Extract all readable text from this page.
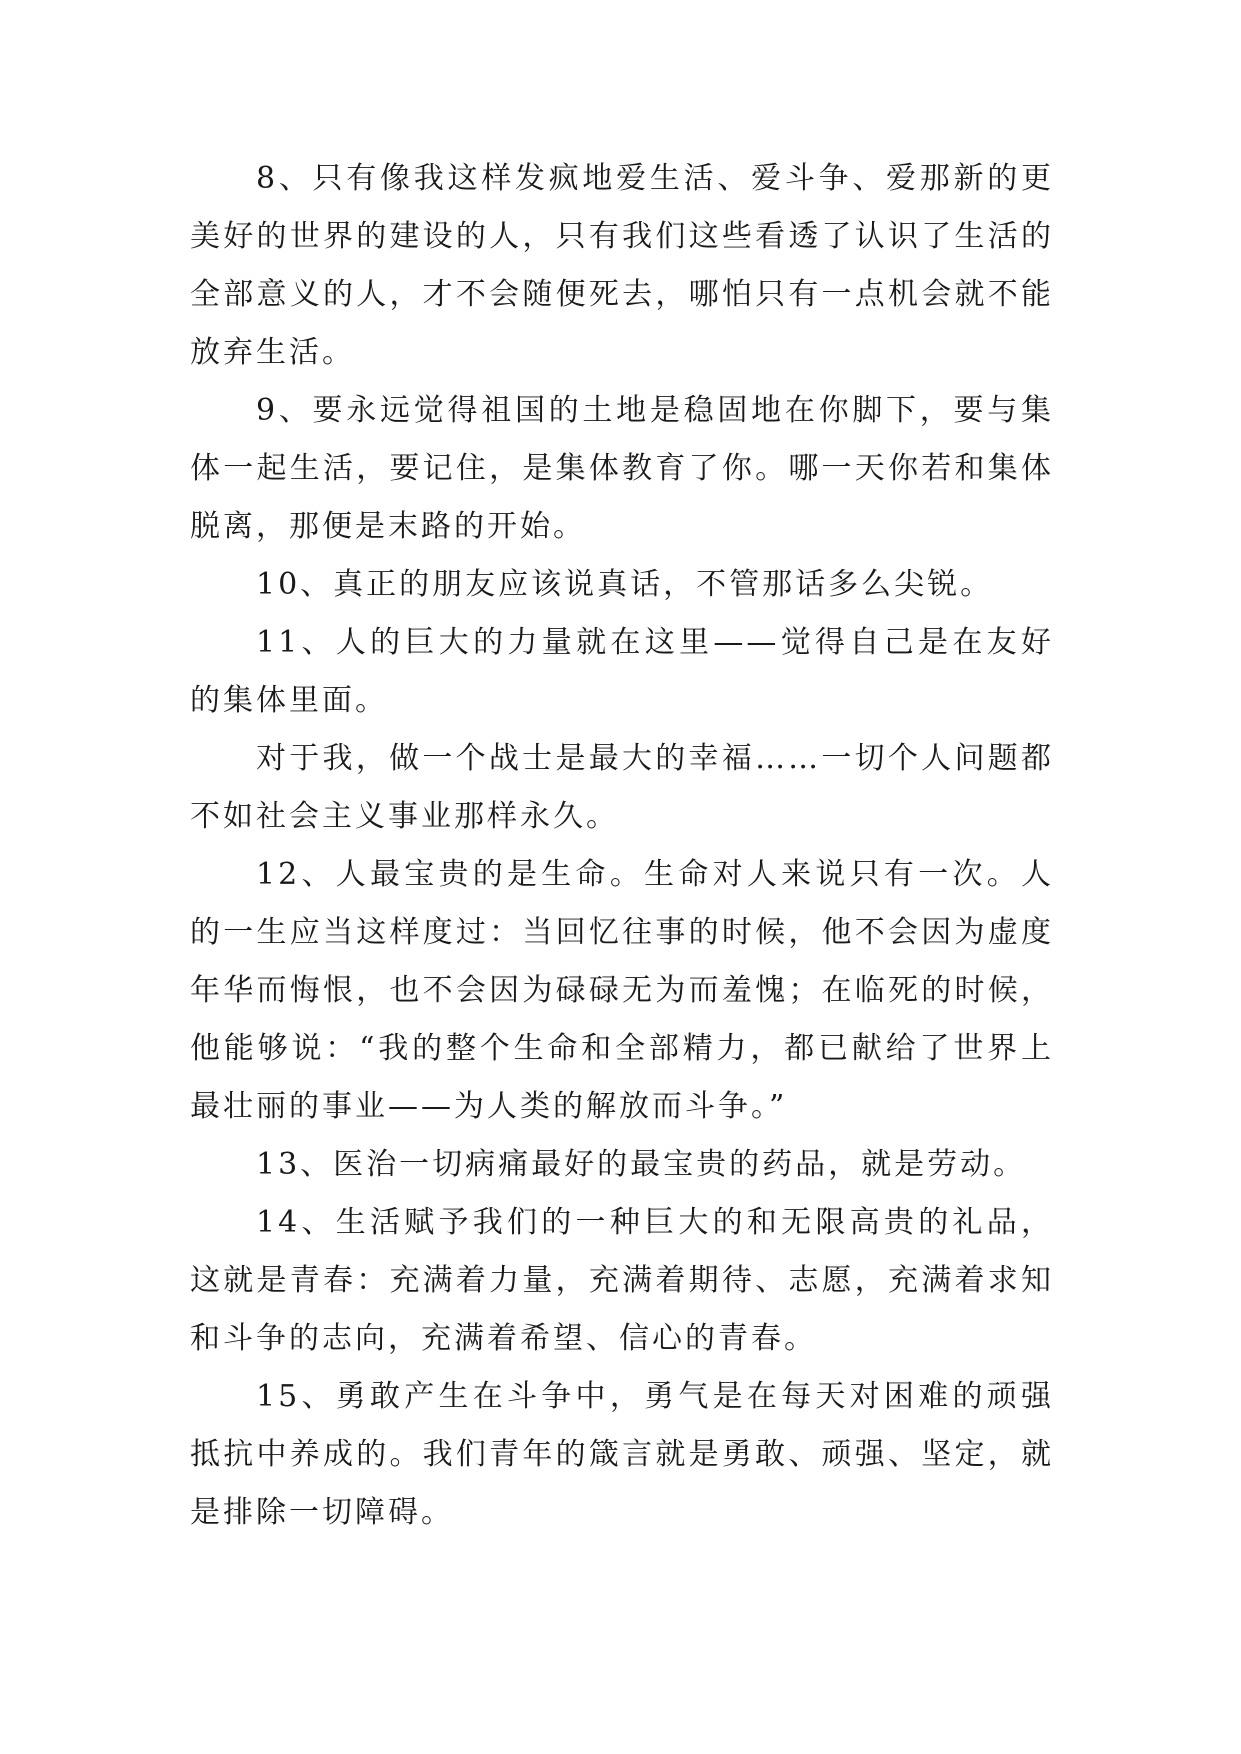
8、只有像我这样发疯地爱生活、爱斗争、爱那新的更美好的世界的建设的人，只有我们这些看透了认识了生活的全部意义的人，才不会随便死去，哪怕只有一点机会就不能放弃生活。

9、要永远觉得祖国的土地是稳固地在你脚下，要与集体一起生活，要记住，是集体教育了你。哪一天你若和集体脱离，那便是末路的开始。

10、真正的朋友应该说真话，不管那话多么尖锐。

11、人的巨大的力量就在这里——觉得自己是在友好的集体里面。

对于我，做一个战士是最大的幸福……一切个人问题都不如社会主义事业那样永久。

12、人最宝贵的是生命。生命对人来说只有一次。人的一生应当这样度过：当回忆往事的时候，他不会因为虚度年华而悔恨，也不会因为碌碌无为而羞愧；在临死的时候，他能够说：“我的整个生命和全部精力，都已献给了世界上最壮丽的事业——为人类的解放而斗争。”

13、医治一切病痛最好的最宝贵的药品，就是劳动。

14、生活赋予我们的一种巨大的和无限高贵的礼品，这就是青春：充满着力量，充满着期待、志愿，充满着求知和斗争的志向，充满着希望、信心的青春。

15、勇敢产生在斗争中，勇气是在每天对困难的顽强抵抗中养成的。我们青年的箴言就是勇敢、顽强、坚定，就是排除一切障碍。
